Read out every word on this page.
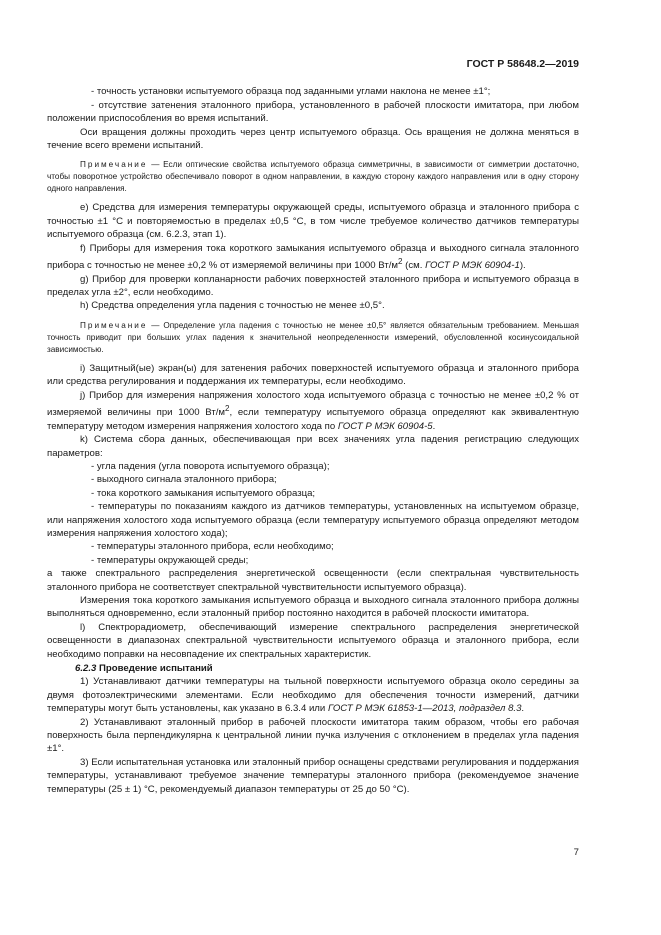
ГОСТ Р 58648.2—2019

- точность установки испытуемого образца под заданными углами наклона не менее ±1°;

- отсутствие затенения эталонного прибора, установленного в рабочей плоскости имитатора, при любом положении приспособления во время испытаний.

Оси вращения должны проходить через центр испытуемого образца. Ось вращения не должна меняться в течение всего времени испытаний.

Примечание — Если оптические свойства испытуемого образца симметричны, в зависимости от симметрии достаточно, чтобы поворотное устройство обеспечивало поворот в одном направлении, в каждую сторону каждого направления или в одну сторону одного направления.

e) Средства для измерения температуры окружающей среды, испытуемого образца и эталонного прибора с точностью ±1 °С и повторяемостью в пределах ±0,5 °С, в том числе требуемое количество датчиков температуры испытуемого образца (см. 6.2.3, этап 1).

f) Приборы для измерения тока короткого замыкания испытуемого образца и выходного сигнала эталонного прибора с точностью не менее ±0,2 % от измеряемой величины при 1000 $Вт/м^2$ (см. ГОСТ Р МЭК 60904-1).

g) Прибор для проверки копланарности рабочих поверхностей эталонного прибора и испытуемого образца в пределах угла ±2°, если необходимо.

h) Средства определения угла падения с точностью не менее ±0,5°.

Примечание — Определение угла падения с точностью не менее ±0,5° является обязательным требованием. Меньшая точность приводит при больших углах падения к значительной неопределенности измерений, обусловленной косинусоидальной зависимостью.

i) Защитный(ые) экран(ы) для затенения рабочих поверхностей испытуемого образца и эталонного прибора или средства регулирования и поддержания их температуры, если необходимо.

j) Прибор для измерения напряжения холостого хода испытуемого образца с точностью не менее ±0,2 % от измеряемой величины при 1000 $Вт/м^2$, если температуру испытуемого образца определяют как эквивалентную температуру методом измерения напряжения холостого хода по ГОСТ Р МЭК 60904-5.

k) Система сбора данных, обеспечивающая при всех значениях угла падения регистрацию следующих параметров:

- угла падения (угла поворота испытуемого образца);

- выходного сигнала эталонного прибора;

- тока короткого замыкания испытуемого образца;

- температуры по показаниям каждого из датчиков температуры, установленных на испытуемом образце, или напряжения холостого хода испытуемого образца (если температуру испытуемого образца определяют методом измерения напряжения холостого хода);

- температуры эталонного прибора, если необходимо;

- температуры окружающей среды;

а также спектрального распределения энергетической освещенности (если спектральная чувствительность эталонного прибора не соответствует спектральной чувствительности испытуемого образца).

Измерения тока короткого замыкания испытуемого образца и выходного сигнала эталонного прибора должны выполняться одновременно, если эталонный прибор постоянно находится в рабочей плоскости имитатора.

l) Спектрорадиометр, обеспечивающий измерение спектрального распределения энергетической освещенности в диапазонах спектральной чувствительности испытуемого образца и эталонного прибора, если необходимо поправки на несовпадение их спектральных характеристик.

6.2.3 Проведение испытаний

1) Устанавливают датчики температуры на тыльной поверхности испытуемого образца около середины за двумя фотоэлектрическими элементами. Если необходимо для обеспечения точности измерений, датчики температуры могут быть установлены, как указано в 6.3.4 или ГОСТ Р МЭК 61853-1—2013, подраздел 8.3.

2) Устанавливают эталонный прибор в рабочей плоскости имитатора таким образом, чтобы его рабочая поверхность была перпендикулярна к центральной линии пучка излучения с отклонением в пределах угла падения ±1°.

3) Если испытательная установка или эталонный прибор оснащены средствами регулирования и поддержания температуры, устанавливают требуемое значение температуры эталонного прибора (рекомендуемое значение температуры (25 ± 1) °С, рекомендуемый диапазон температуры от 25 до 50 °С).

7
